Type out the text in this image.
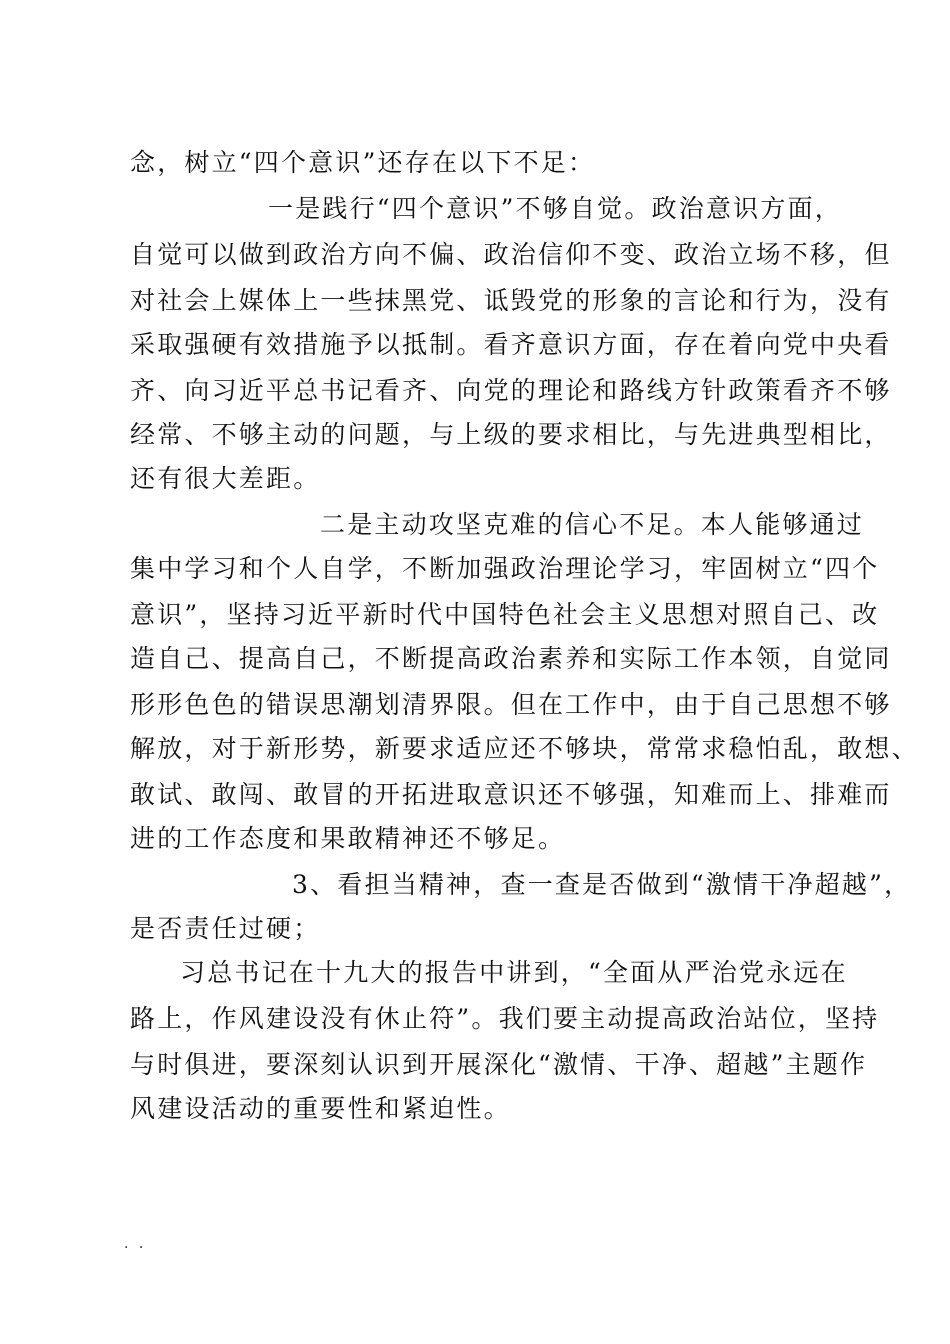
念，树立“四个意识”还存在以下不足：
一是践行“四个意识”不够自觉。政治意识方面，
自觉可以做到政治方向不偏、政治信仰不变、政治立场不移，但
对社会上媒体上一些抹黑党、诋毁党的形象的言论和行为，没有
采取强硬有效措施予以抵制。看齐意识方面，存在着向党中央看
齐、向习近平总书记看齐、向党的理论和路线方针政策看齐不够
经常、不够主动的问题，与上级的要求相比，与先进典型相比，
还有很大差距。
二是主动攻坚克难的信心不足。本人能够通过
集中学习和个人自学，不断加强政治理论学习，牢固树立“四个
意识”，坚持习近平新时代中国特色社会主义思想对照自己、改
造自己、提高自己，不断提高政治素养和实际工作本领，自觉同
形形色色的错误思潮划清界限。但在工作中，由于自己思想不够
解放，对于新形势，新要求适应还不够块，常常求稳怕乱，敢想、
敢试、敢闯、敢冒的开拓进取意识还不够强，知难而上、排难而
进的工作态度和果敢精神还不够足。
3、看担当精神，查一查是否做到“激情干净超越”，
是否责任过硬；
习总书记在十九大的报告中讲到，“全面从严治党永远在
路上，作风建设没有休止符”。我们要主动提高政治站位，坚持
与时俱进，要深刻认识到开展深化“激情、干净、超越”主题作
风建设活动的重要性和紧迫性。
. .
